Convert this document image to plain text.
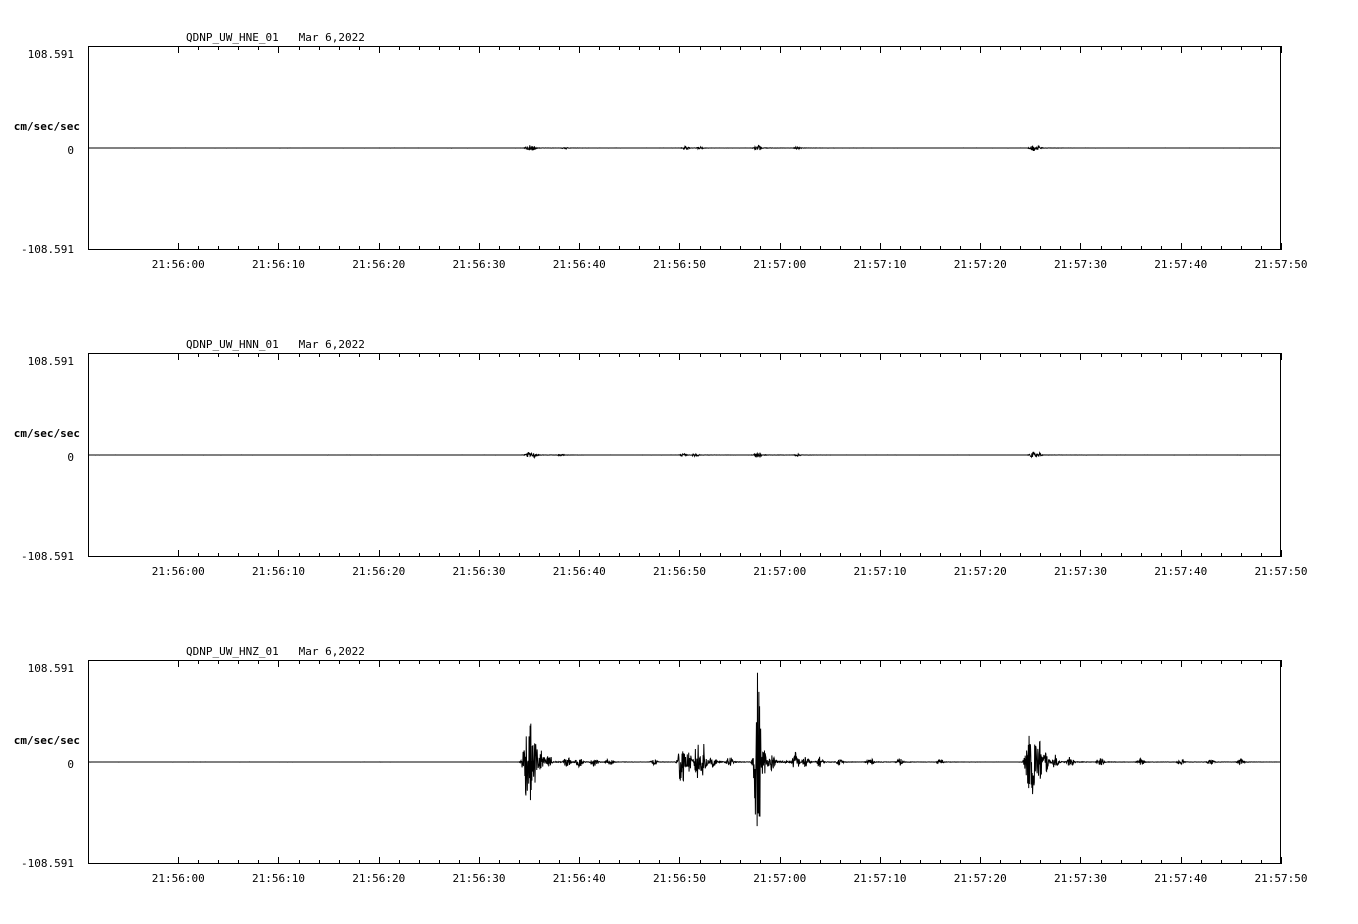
QDNP_UW_HNE_01 Mar 6,2022
108.591
cm/sec/sec
0
-108.591
21:56:00	21:56:10	21:56:20	21:56:30	21:56:40	21:56:50	21:57:00	21:57:10	21:57:20	21:57:30	21:57:40	21:57:50
QDNP_UW_HNN_01 Mar 6,2022
108.591
cm/sec/sec
0
-108.591
21:56:00	21:56:10	21:56:20	21:56:30	21:56:40	21:56:50	21:57:00	21:57:10	21:57:20	21:57:30	21:57:40	21:57:50
QDNP_UW_HNZ_01 Mar 6,2022
108.591
cm/sec/sec
0
-108.591
21:56:00	21:56:10	21:56:20	21:56:30	21:56:40	21:56:50	21:57:00	21:57:10	21:57:20	21:57:30	21:57:40	21:57:50
